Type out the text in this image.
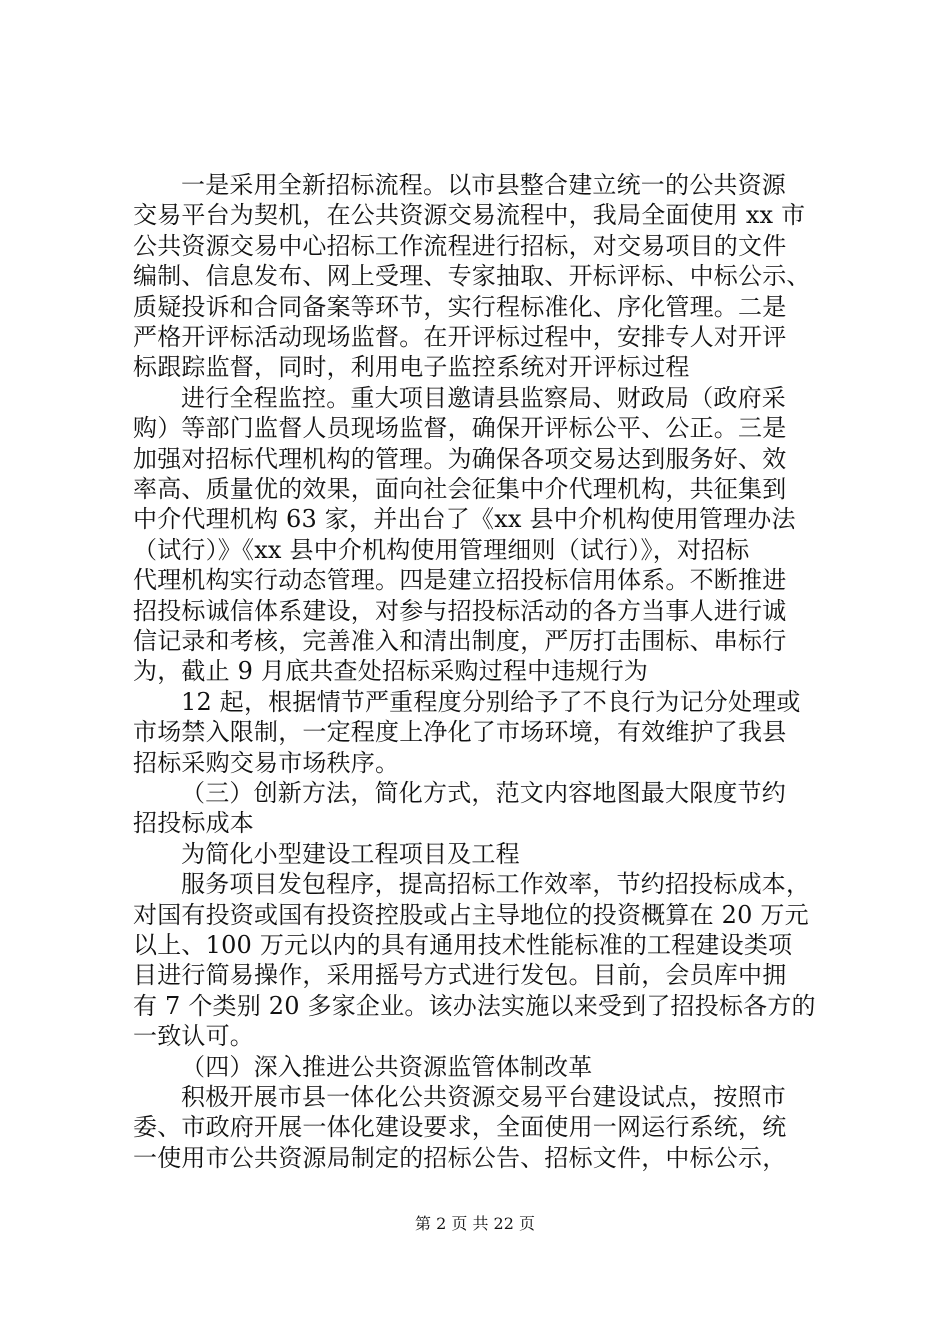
一是采用全新招标流程。以市县整合建立统一的公共资源
交易平台为契机，在公共资源交易流程中，我局全面使用 xx 市
公共资源交易中心招标工作流程进行招标，对交易项目的文件
编制、信息发布、网上受理、专家抽取、开标评标、中标公示、
质疑投诉和合同备案等环节，实行程标准化、序化管理。二是
严格开评标活动现场监督。在开评标过程中，安排专人对开评
标跟踪监督，同时，利用电子监控系统对开评标过程
进行全程监控。重大项目邀请县监察局、财政局（政府采
购）等部门监督人员现场监督，确保开评标公平、公正。三是
加强对招标代理机构的管理。为确保各项交易达到服务好、效
率高、质量优的效果，面向社会征集中介代理机构，共征集到
中介代理机构 63 家，并出台了《xx 县中介机构使用管理办法
（试行）》《xx 县中介机构使用管理细则（试行）》，对招标
代理机构实行动态管理。四是建立招投标信用体系。不断推进
招投标诚信体系建设，对参与招投标活动的各方当事人进行诚
信记录和考核，完善准入和清出制度，严厉打击围标、串标行
为，截止 9 月底共查处招标采购过程中违规行为
12 起，根据情节严重程度分别给予了不良行为记分处理或
市场禁入限制，一定程度上净化了市场环境，有效维护了我县
招标采购交易市场秩序。
（三）创新方法，简化方式，范文内容地图最大限度节约
招投标成本
为简化小型建设工程项目及工程
服务项目发包程序，提高招标工作效率，节约招投标成本，
对国有投资或国有投资控股或占主导地位的投资概算在 20 万元
以上、100 万元以内的具有通用技术性能标准的工程建设类项
目进行简易操作，采用摇号方式进行发包。目前，会员库中拥
有 7 个类别 20 多家企业。该办法实施以来受到了招投标各方的
一致认可。
（四）深入推进公共资源监管体制改革
积极开展市县一体化公共资源交易平台建设试点，按照市
委、市政府开展一体化建设要求，全面使用一网运行系统，统
一使用市公共资源局制定的招标公告、招标文件，中标公示，
第 2 页 共 22 页
